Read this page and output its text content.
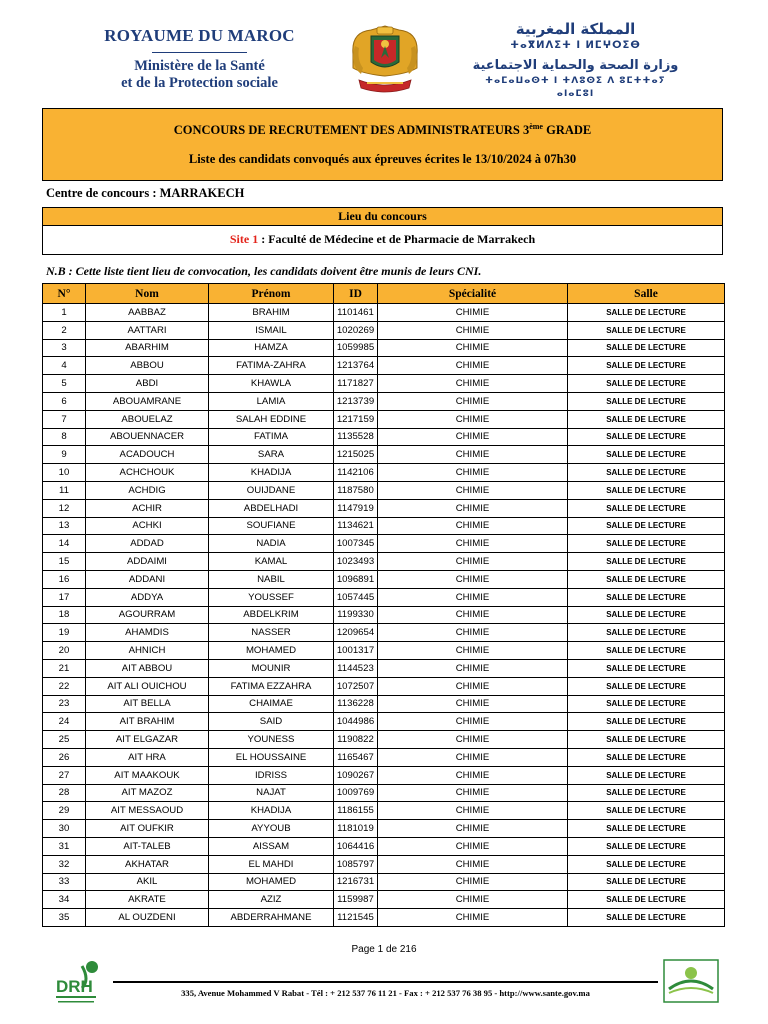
ROYAUME DU MAROC
Ministère de la Santé
et de la Protection sociale
المملكة المغربية
ⵜⴰⴳⵍⴷⵉⵜ ⵏ ⵍⵎⵖⵔⵉⴱ
وزارة الصحة والحماية الاجتماعية
ⵜⴰⵎⴰⵡⴰⵙⵜ ⵏ ⵜⴷⵓⵙⵉ ⴷ ⵓⵎⵜⵜⴰⵢ ⴰⵏⴰⵎⵓⵏ
CONCOURS DE RECRUTEMENT DES ADMINISTRATEURS 3ème GRADE
Liste des candidats convoqués aux épreuves écrites le 13/10/2024 à 07h30
Centre de concours : MARRAKECH
Lieu du concours
Site 1 : Faculté de Médecine et de Pharmacie de Marrakech
N.B : Cette liste tient lieu de convocation, les candidats doivent être munis de leurs CNI.
N°	Nom	Prénom	ID	Spécialité	Salle
1	AABBAZ	BRAHIM	1101461	CHIMIE	SALLE DE LECTURE
2	AATTARI	ISMAIL	1020269	CHIMIE	SALLE DE LECTURE
3	ABARHIM	HAMZA	1059985	CHIMIE	SALLE DE LECTURE
4	ABBOU	FATIMA-ZAHRA	1213764	CHIMIE	SALLE DE LECTURE
5	ABDI	KHAWLA	1171827	CHIMIE	SALLE DE LECTURE
6	ABOUAMRANE	LAMIA	1213739	CHIMIE	SALLE DE LECTURE
7	ABOUELAZ	SALAH EDDINE	1217159	CHIMIE	SALLE DE LECTURE
8	ABOUENNACER	FATIMA	1135528	CHIMIE	SALLE DE LECTURE
9	ACADOUCH	SARA	1215025	CHIMIE	SALLE DE LECTURE
10	ACHCHOUK	KHADIJA	1142106	CHIMIE	SALLE DE LECTURE
11	ACHDIG	OUIJDANE	1187580	CHIMIE	SALLE DE LECTURE
12	ACHIR	ABDELHADI	1147919	CHIMIE	SALLE DE LECTURE
13	ACHKI	SOUFIANE	1134621	CHIMIE	SALLE DE LECTURE
14	ADDAD	NADIA	1007345	CHIMIE	SALLE DE LECTURE
15	ADDAIMI	KAMAL	1023493	CHIMIE	SALLE DE LECTURE
16	ADDANI	NABIL	1096891	CHIMIE	SALLE DE LECTURE
17	ADDYA	YOUSSEF	1057445	CHIMIE	SALLE DE LECTURE
18	AGOURRAM	ABDELKRIM	1199330	CHIMIE	SALLE DE LECTURE
19	AHAMDIS	NASSER	1209654	CHIMIE	SALLE DE LECTURE
20	AHNICH	MOHAMED	1001317	CHIMIE	SALLE DE LECTURE
21	AIT ABBOU	MOUNIR	1144523	CHIMIE	SALLE DE LECTURE
22	AIT ALI OUICHOU	FATIMA EZZAHRA	1072507	CHIMIE	SALLE DE LECTURE
23	AIT BELLA	CHAIMAE	1136228	CHIMIE	SALLE DE LECTURE
24	AIT BRAHIM	SAID	1044986	CHIMIE	SALLE DE LECTURE
25	AIT ELGAZAR	YOUNESS	1190822	CHIMIE	SALLE DE LECTURE
26	AIT HRA	EL HOUSSAINE	1165467	CHIMIE	SALLE DE LECTURE
27	AIT MAAKOUK	IDRISS	1090267	CHIMIE	SALLE DE LECTURE
28	AIT MAZOZ	NAJAT	1009769	CHIMIE	SALLE DE LECTURE
29	AIT MESSAOUD	KHADIJA	1186155	CHIMIE	SALLE DE LECTURE
30	AIT OUFKIR	AYYOUB	1181019	CHIMIE	SALLE DE LECTURE
31	AIT-TALEB	AISSAM	1064416	CHIMIE	SALLE DE LECTURE
32	AKHATAR	EL MAHDI	1085797	CHIMIE	SALLE DE LECTURE
33	AKIL	MOHAMED	1216731	CHIMIE	SALLE DE LECTURE
34	AKRATE	AZIZ	1159987	CHIMIE	SALLE DE LECTURE
35	AL OUZDENI	ABDERRAHMANE	1121545	CHIMIE	SALLE DE LECTURE
Page 1 de 216
DRH	335, Avenue Mohammed V Rabat - Tél : + 212 537 76 11 21 - Fax : + 212 537 76 38 95 - http://www.sante.gov.ma
